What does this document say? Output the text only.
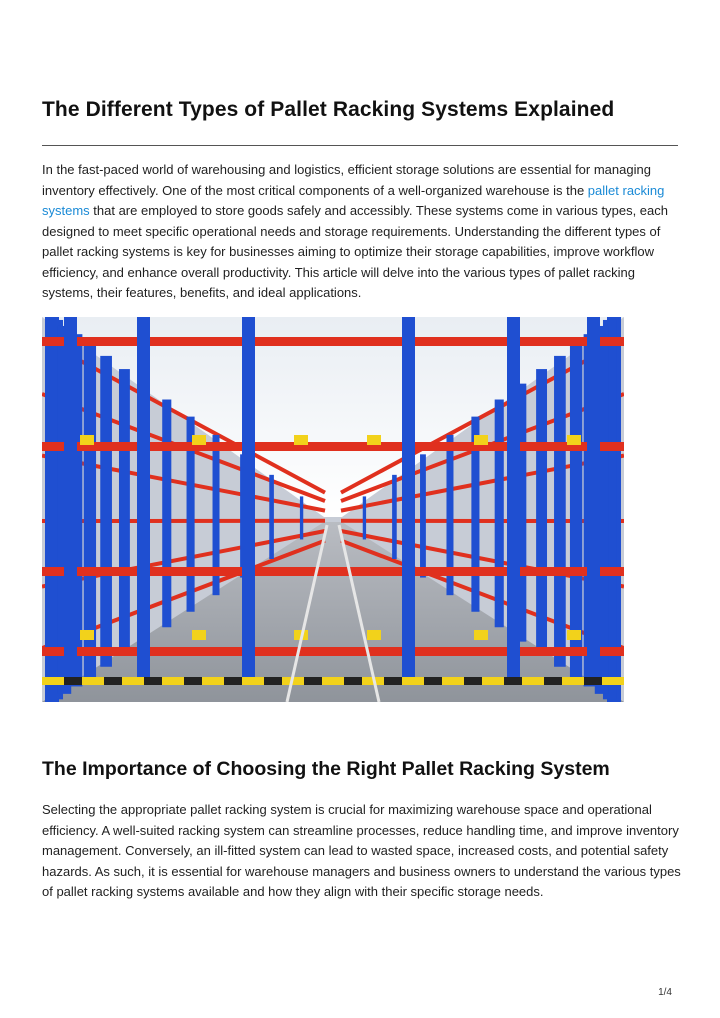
The Different Types of Pallet Racking Systems Explained

In the fast-paced world of warehousing and logistics, efficient storage solutions are essential for managing inventory effectively. One of the most critical components of a well-organized warehouse is the pallet racking systems that are employed to store goods safely and accessibly. These systems come in various types, each designed to meet specific operational needs and storage requirements. Understanding the different types of pallet racking systems is key for businesses aiming to optimize their storage capabilities, improve workflow efficiency, and enhance overall productivity. This article will delve into the various types of pallet racking systems, their features, benefits, and ideal applications.

The Importance of Choosing the Right Pallet Racking System

Selecting the appropriate pallet racking system is crucial for maximizing warehouse space and operational efficiency. A well-suited racking system can streamline processes, reduce handling time, and improve inventory management. Conversely, an ill-fitted system can lead to wasted space, increased costs, and potential safety hazards. As such, it is essential for warehouse managers and business owners to understand the various types of pallet racking systems available and how they align with their specific storage needs.

1/4
